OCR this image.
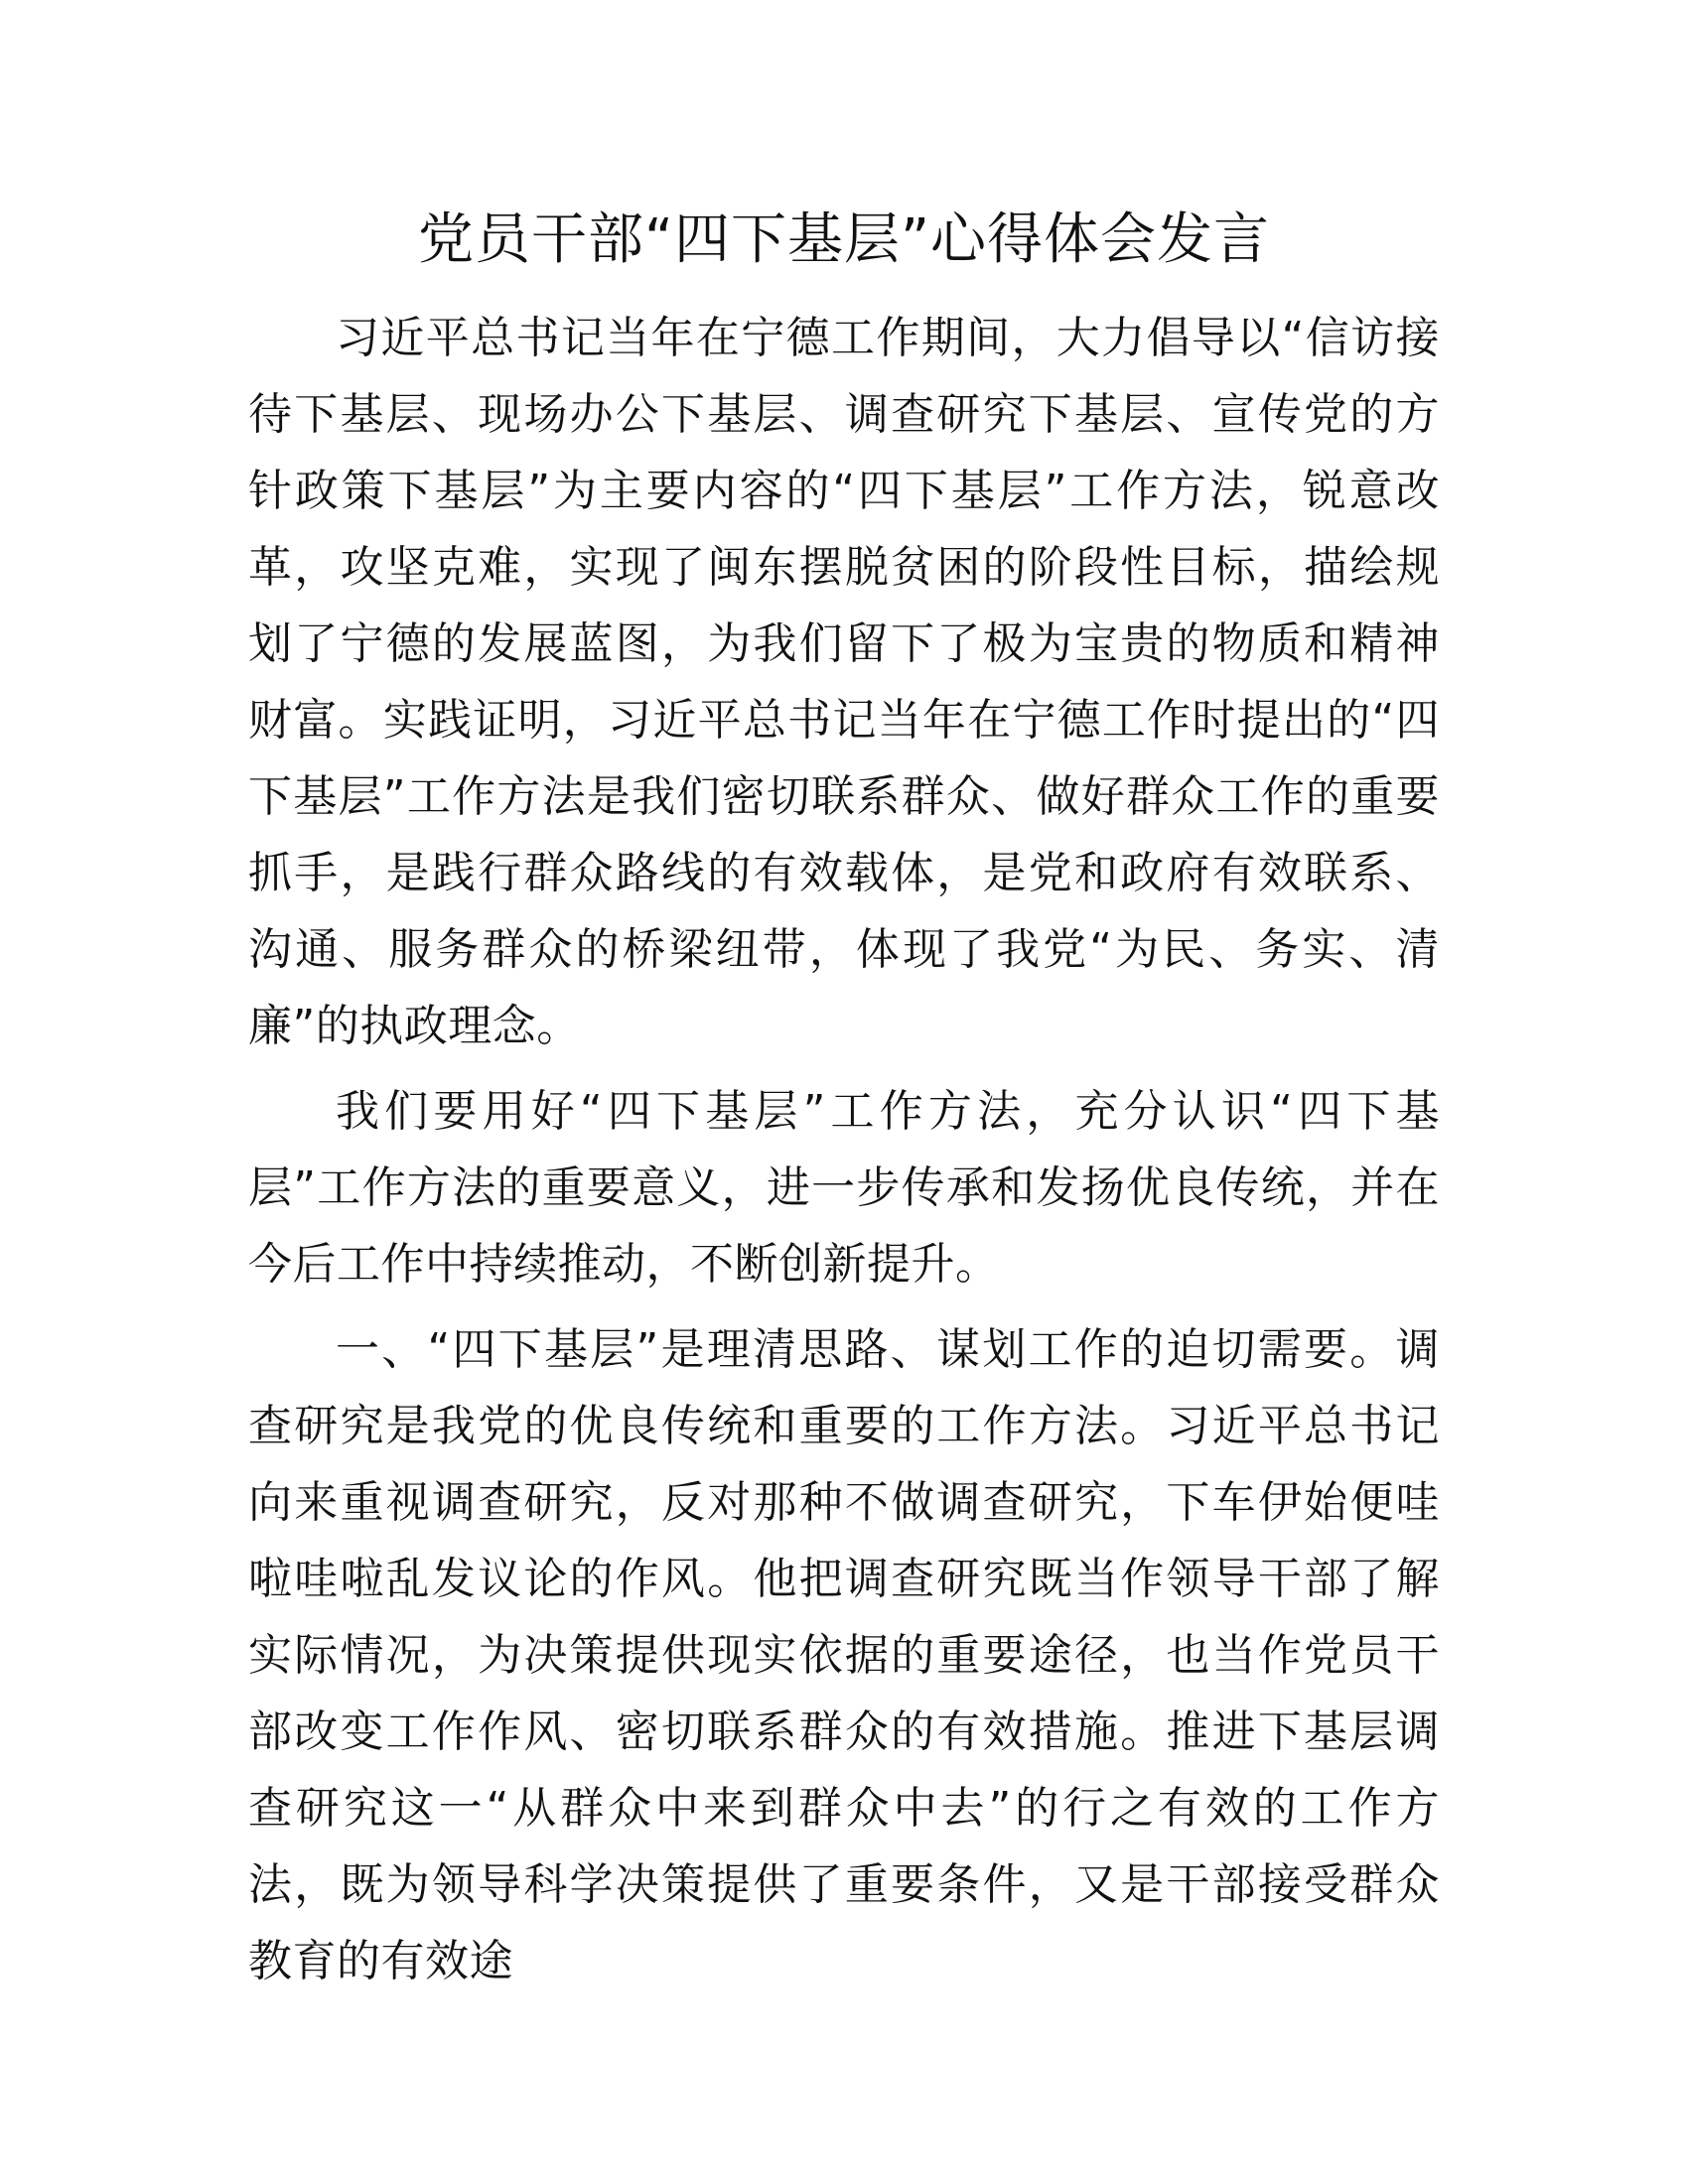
党员干部“四下基层”心得体会发言

习近平总书记当年在宁德工作期间，大力倡导以“信访接待下基层、现场办公下基层、调查研究下基层、宣传党的方针政策下基层”为主要内容的“四下基层”工作方法，锐意改革，攻坚克难，实现了闽东摆脱贫困的阶段性目标，描绘规划了宁德的发展蓝图，为我们留下了极为宝贵的物质和精神财富。实践证明，习近平总书记当年在宁德工作时提出的“四下基层”工作方法是我们密切联系群众、做好群众工作的重要抓手，是践行群众路线的有效载体，是党和政府有效联系、沟通、服务群众的桥梁纽带，体现了我党“为民、务实、清廉”的执政理念。

我们要用好“四下基层”工作方法，充分认识“四下基层”工作方法的重要意义，进一步传承和发扬优良传统，并在今后工作中持续推动，不断创新提升。

一、“四下基层”是理清思路、谋划工作的迫切需要。调查研究是我党的优良传统和重要的工作方法。习近平总书记向来重视调查研究，反对那种不做调查研究，下车伊始便哇啦哇啦乱发议论的作风。他把调查研究既当作领导干部了解实际情况，为决策提供现实依据的重要途径，也当作党员干部改变工作作风、密切联系群众的有效措施。推进下基层调查研究这一“从群众中来到群众中去”的行之有效的工作方法，既为领导科学决策提供了重要条件，又是干部接受群众教育的有效途
